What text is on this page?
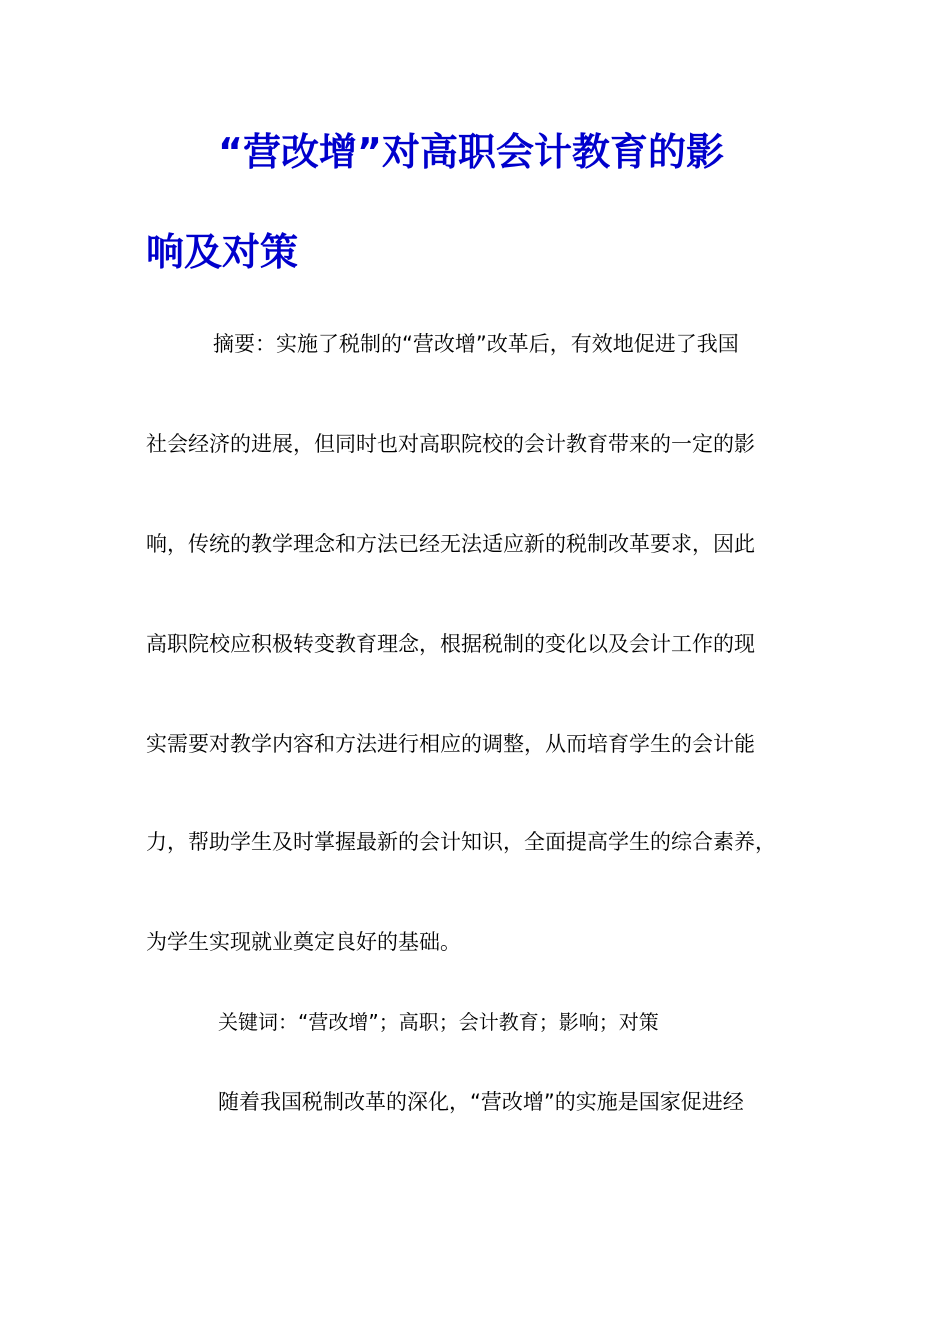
“营改增”对高职会计教育的影
响及对策
摘要：实施了税制的“营改增”改革后，有效地促进了我国
社会经济的进展，但同时也对高职院校的会计教育带来的一定的影
响，传统的教学理念和方法已经无法适应新的税制改革要求，因此
高职院校应积极转变教育理念，根据税制的变化以及会计工作的现
实需要对教学内容和方法进行相应的调整，从而培育学生的会计能
力，帮助学生及时掌握最新的会计知识，全面提高学生的综合素养，
为学生实现就业奠定良好的基础。
关键词：“营改增”；高职；会计教育；影响；对策
随着我国税制改革的深化，“营改增”的实施是国家促进经
